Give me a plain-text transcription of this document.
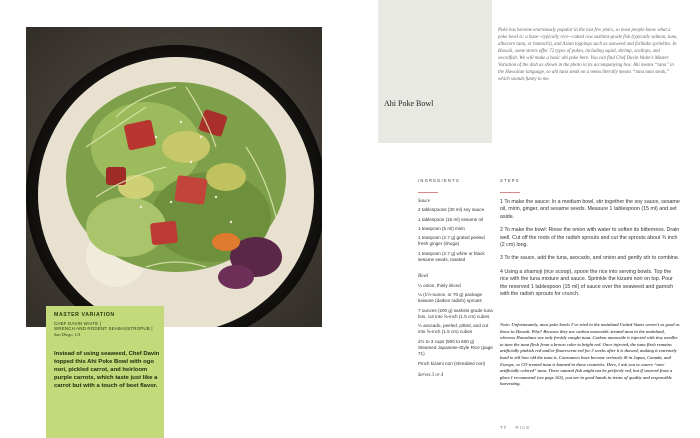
MASTER VARIATION
CHEF DAVIN WAITE |
WRENCH AND RODENT SEABASSTROPUB |
San Diego, CA
Instead of using seaweed, Chef Davin topped this Ahi Poke Bowl with ogo nori, pickled carrot, and heirloom purple carrots, which taste just like a carrot but with a touch of beet flavor.
Ahi Poke Bowl
Poke has become enormously popular in the last few years, so most people know what a poke bowl is: a base—typically rice—cubed raw sashimi-grade fish (typically salmon, tuna, albacore tuna, or hamachi), and Asian toppings such as seaweed and furikake sprinkles. In Hawaii, some stores offer 72 types of pokes, including squid, shrimp, scallops, and swordfish. We will make a basic ahi poke here. You can find Chef Davin Waite's Master Variation of the dish as shown in the photo in its accompanying box. Ahi means “tuna” in the Hawaiian language, so ahi tuna steak on a menu literally means “tuna tuna steak,” which sounds funny to me.
INGREDIENTS	STEPS
Sauce
2 tablespoons (30 ml) soy sauce
1 tablespoon (15 ml) sesame oil
1 teaspoon (5 ml) mirin
1 teaspoon (2.7 g) grated peeled fresh ginger (shoga)
1 teaspoon (2.7 g) white or black sesame seeds, toasted
Bowl
¼ onion, thinly sliced
¼ (1½-ounce, or 70 g) package kaiware (daikon radish) sprouts
7 ounces (200 g) sashimi-grade tuna loin, cut into ⅝-inch (1.5 cm) cubes
½ avocado, peeled, pitted, and cut into ⅝-inch (1.5 cm) cubes
2½ to 3 cups (500 to 600 g) Steamed Japanese-Style Rice (page 71)
Pinch kizami nori (shredded nori)
Serves 3 or 4
1 To make the sauce: In a medium bowl, stir together the soy sauce, sesame oil, mirin, ginger, and sesame seeds. Measure 1 tablespoon (15 ml) and set aside.
2 To make the bowl: Rinse the onion with water to soften its bitterness. Drain well. Cut off the roots of the radish sprouts and cut the sprouts about ¾ inch (2 cm) long.
3 To the sauce, add the tuna, avocado, and onion and gently stir to combine.
4 Using a shamoji (rice scoop), spoon the rice into serving bowls. Top the rice with the tuna mixture and sauce. Sprinkle the kizami nori on top. Pour the reserved 1 tablespoon (15 ml) of sauce over the seaweed and garnish with the radish sprouts for crunch.
Note: Unfortunately, most poke bowls I’ve tried in the mainland United States weren’t as good as those in Hawaii. Why? Because they use carbon monoxide–treated tuna in the mainland, whereas Hawaiians use only freshly caught tuna. Carbon monoxide is injected with tiny needles to turn the tuna flesh from a brown color to bright red. Once injected, the tuna flesh remains artificially pinkish red and/or fluorescent red for 2 weeks after it is thawed, making it extremely hard to tell how old the tuna is. Consumers have become seriously ill in Japan, Canada, and Europe, so CO-treated tuna is banned in those countries. Here, I ask you to source “non-artificially colored” tuna. These natural fish might not be perfectly red, but if sourced from a place I recommend (see page 163), you are in good hands in terms of quality and responsible harvesting.
77 RICE
